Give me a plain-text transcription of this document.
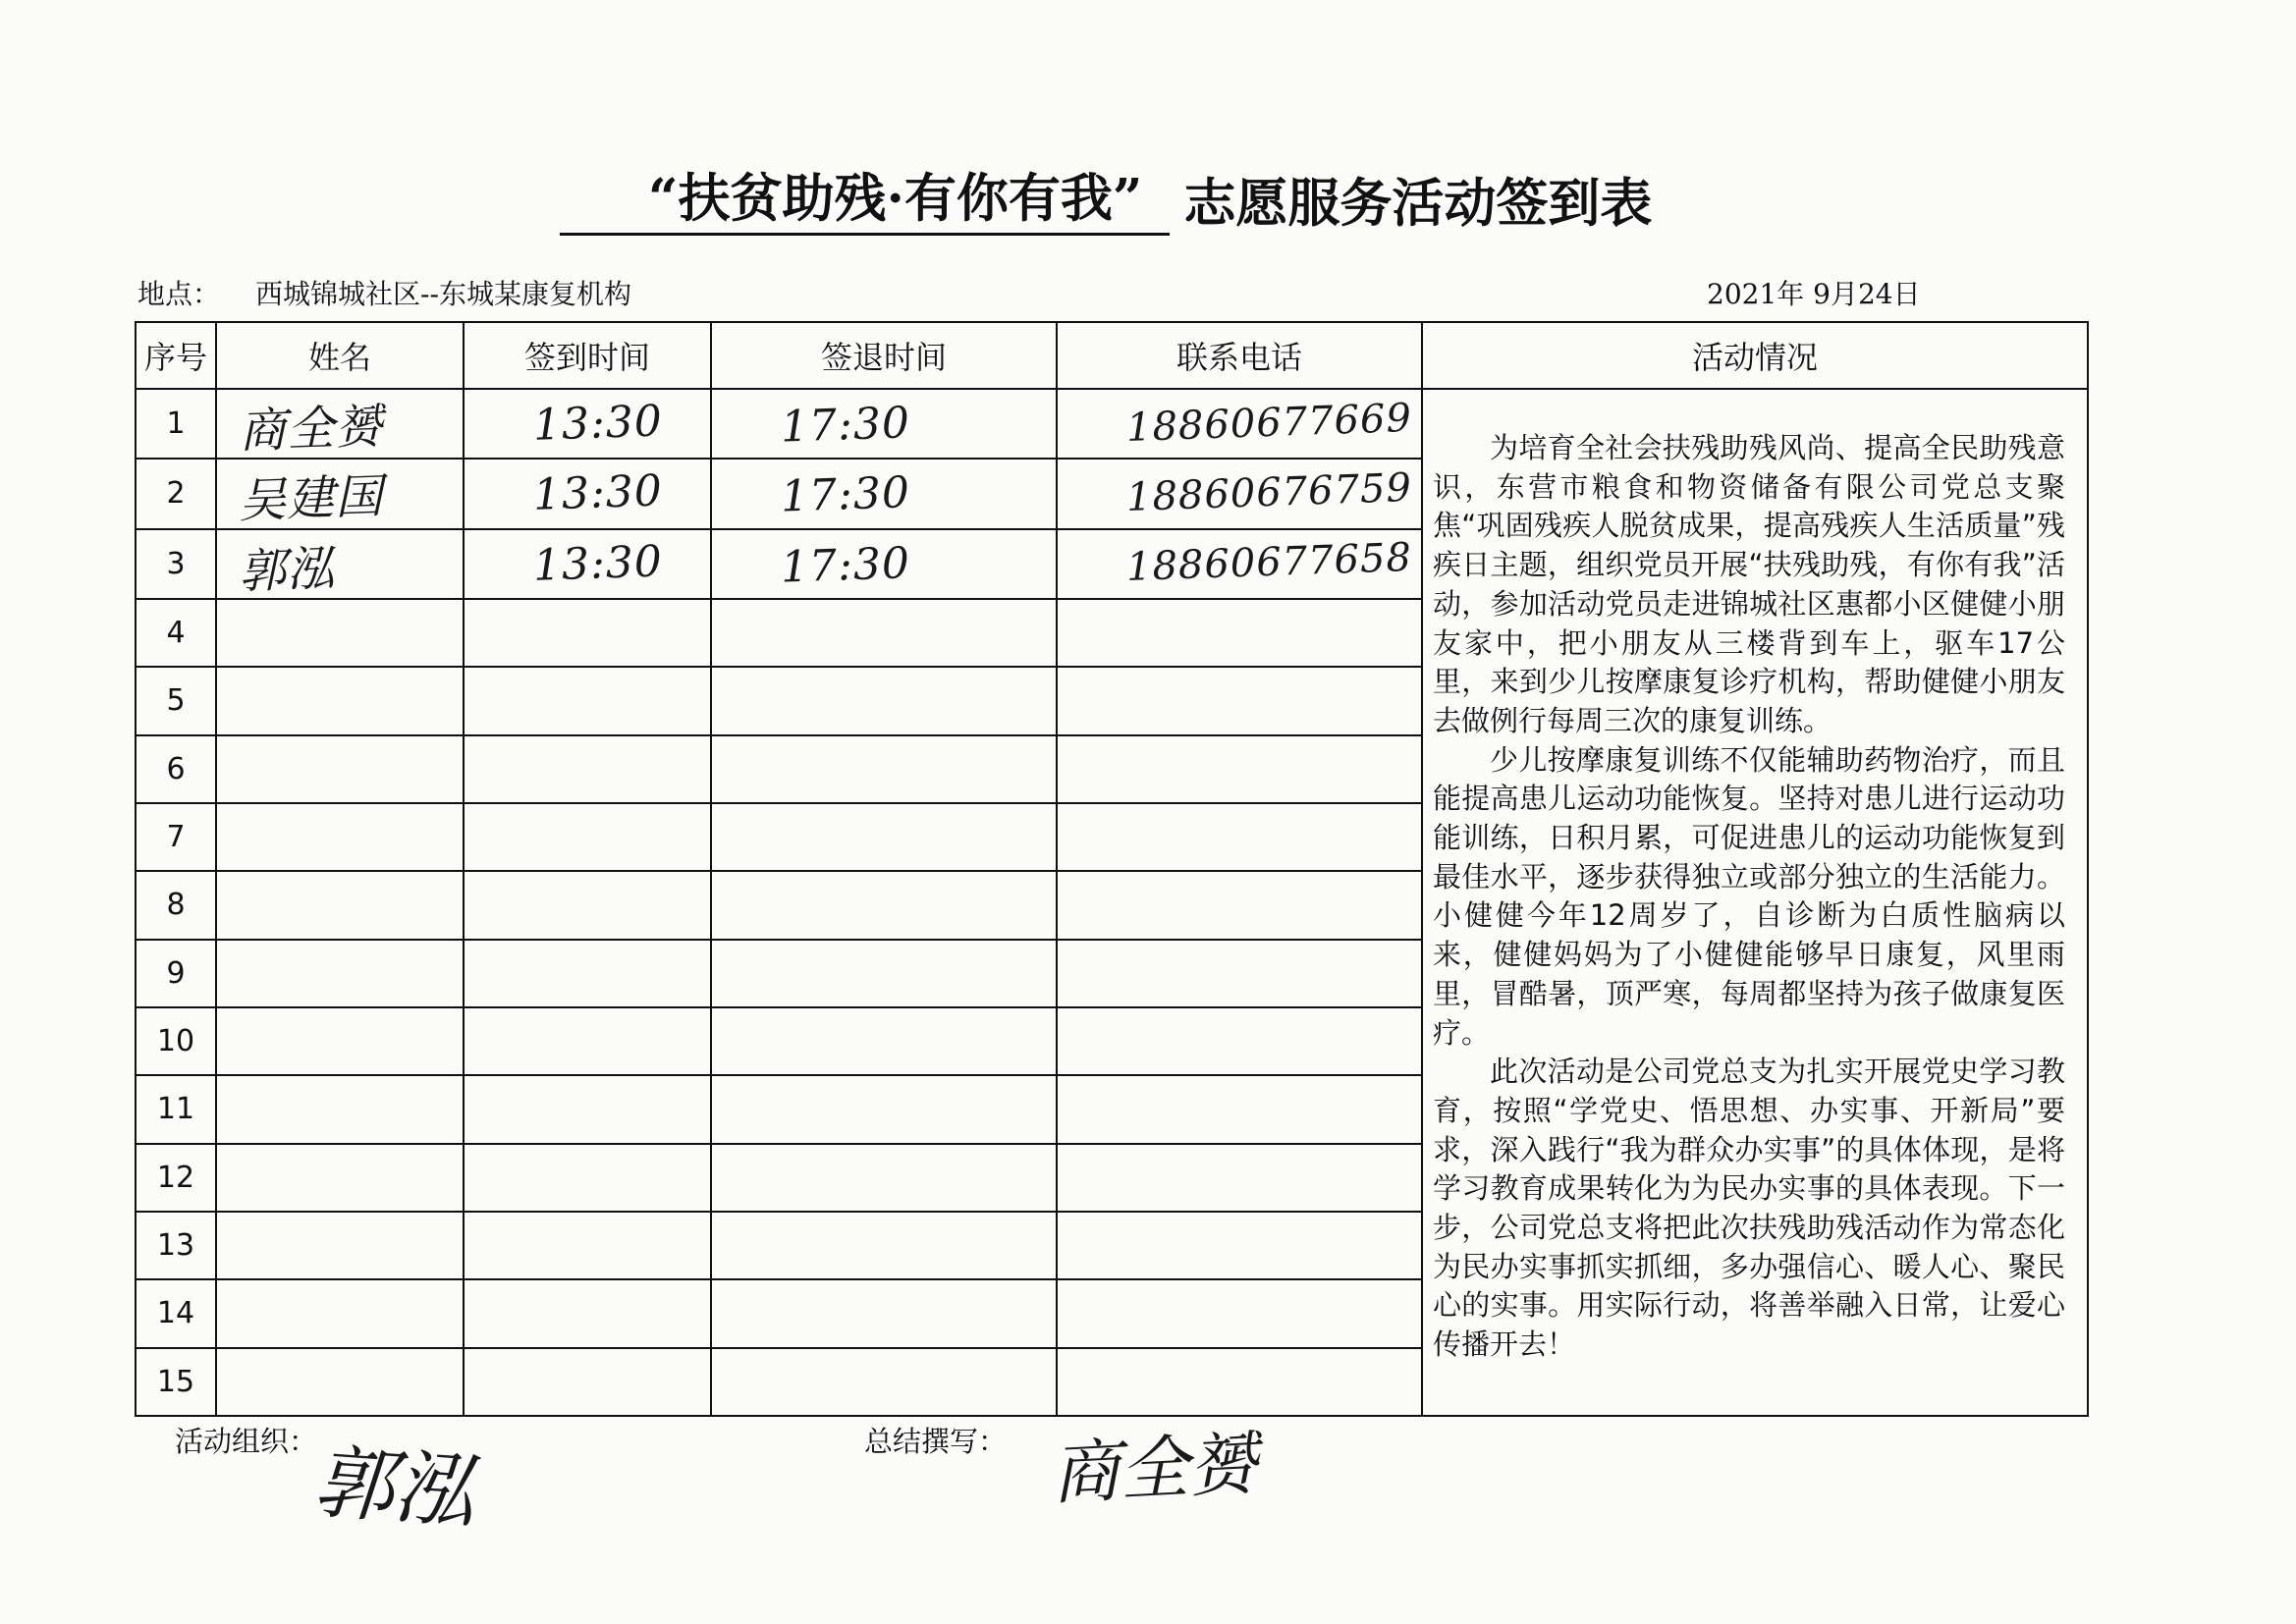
“扶贫助残·有你有我” 志愿服务活动签到表
地点： 西城锦城社区--东城某康复机构	2021年 9月24日
序号	姓名	签到时间	签退时间	联系电话	活动情况
1	商全赟	13:30	17:30	18860677669	为培育全社会扶残助残风尚、提高全民助残意识，东营市粮食和物资储备有限公司党总支聚焦“巩固残疾人脱贫成果，提高残疾人生活质量”残疾日主题，组织党员开展“扶残助残，有你有我”活动，参加活动党员走进锦城社区惠都小区健健小朋友家中，把小朋友从三楼背到车上，驱车17公里，来到少儿按摩康复诊疗机构，帮助健健小朋友去做例行每周三次的康复训练。

少儿按摩康复训练不仅能辅助药物治疗，而且能提高患儿运动功能恢复。坚持对患儿进行运动功能训练，日积月累，可促进患儿的运动功能恢复到最佳水平，逐步获得独立或部分独立的生活能力。小健健今年12周岁了，自诊断为白质性脑病以来，健健妈妈为了小健健能够早日康复，风里雨里，冒酷暑，顶严寒，每周都坚持为孩子做康复医疗。

此次活动是公司党总支为扎实开展党史学习教育，按照“学党史、悟思想、办实事、开新局”要求，深入践行“我为群众办实事”的具体体现，是将学习教育成果转化为为民办实事的具体表现。下一步，公司党总支将把此次扶残助残活动作为常态化为民办实事抓实抓细，多办强信心、暖人心、聚民心的实事。用实际行动，将善举融入日常，让爱心传播开去！

2	吴建国	13:30	17:30	18860676759	

3	郭泓	13:30	17:30	18860677658	

4		

5		

6		

7		

8		

9		

10		

11		

12		

13		

14		

15		

活动组织：
郭泓	总结撰写： 商全赟
